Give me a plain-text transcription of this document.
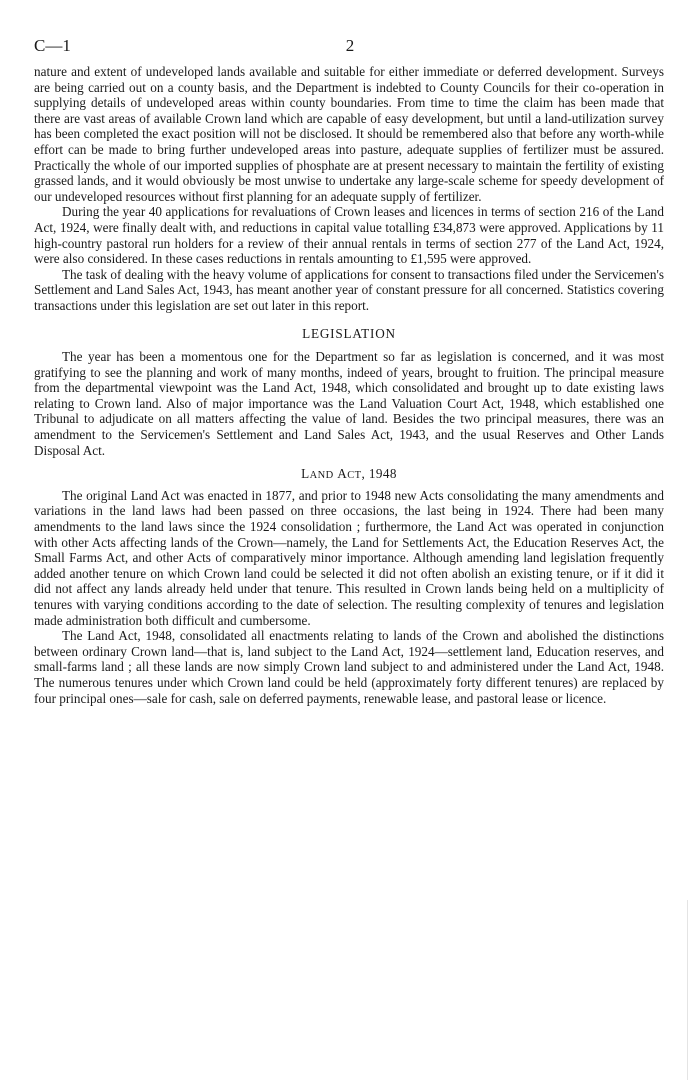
C—1	2

nature and extent of undeveloped lands available and suitable for either immediate or deferred development. Surveys are being carried out on a county basis, and the Department is indebted to County Councils for their co-operation in supplying details of undeveloped areas within county boundaries. From time to time the claim has been made that there are vast areas of available Crown land which are capable of easy development, but until a land-utilization survey has been completed the exact position will not be disclosed. It should be remembered also that before any worth-while effort can be made to bring further undeveloped areas into pasture, adequate supplies of fertilizer must be assured. Practically the whole of our imported supplies of phosphate are at present necessary to maintain the fertility of existing grassed lands, and it would obviously be most unwise to undertake any large-scale scheme for speedy development of our undeveloped resources without first planning for an adequate supply of fertilizer.

During the year 40 applications for revaluations of Crown leases and licences in terms of section 216 of the Land Act, 1924, were finally dealt with, and reductions in capital value totalling £34,873 were approved. Applications by 11 high-country pastoral run holders for a review of their annual rentals in terms of section 277 of the Land Act, 1924, were also considered. In these cases reductions in rentals amounting to £1,595 were approved.

The task of dealing with the heavy volume of applications for consent to transactions filed under the Servicemen's Settlement and Land Sales Act, 1943, has meant another year of constant pressure for all concerned. Statistics covering transactions under this legislation are set out later in this report.

LEGISLATION

The year has been a momentous one for the Department so far as legislation is concerned, and it was most gratifying to see the planning and work of many months, indeed of years, brought to fruition. The principal measure from the departmental viewpoint was the Land Act, 1948, which consolidated and brought up to date existing laws relating to Crown land. Also of major importance was the Land Valuation Court Act, 1948, which established one Tribunal to adjudicate on all matters affecting the value of land. Besides the two principal measures, there was an amendment to the Servicemen's Settlement and Land Sales Act, 1943, and the usual Reserves and Other Lands Disposal Act.

LAND ACT, 1948

The original Land Act was enacted in 1877, and prior to 1948 new Acts consolidating the many amendments and variations in the land laws had been passed on three occasions, the last being in 1924. There had been many amendments to the land laws since the 1924 consolidation ; furthermore, the Land Act was operated in conjunction with other Acts affecting lands of the Crown—namely, the Land for Settlements Act, the Education Reserves Act, the Small Farms Act, and other Acts of comparatively minor importance. Although amending land legislation frequently added another tenure on which Crown land could be selected it did not often abolish an existing tenure, or if it did it did not affect any lands already held under that tenure. This resulted in Crown lands being held on a multiplicity of tenures with varying conditions according to the date of selection. The resulting complexity of tenures and legislation made administration both difficult and cumbersome.

The Land Act, 1948, consolidated all enactments relating to lands of the Crown and abolished the distinctions between ordinary Crown land—that is, land subject to the Land Act, 1924—settlement land, Education reserves, and small-farms land ; all these lands are now simply Crown land subject to and administered under the Land Act, 1948. The numerous tenures under which Crown land could be held (approximately forty different tenures) are replaced by four principal ones—sale for cash, sale on deferred payments, renewable lease, and pastoral lease or licence.
